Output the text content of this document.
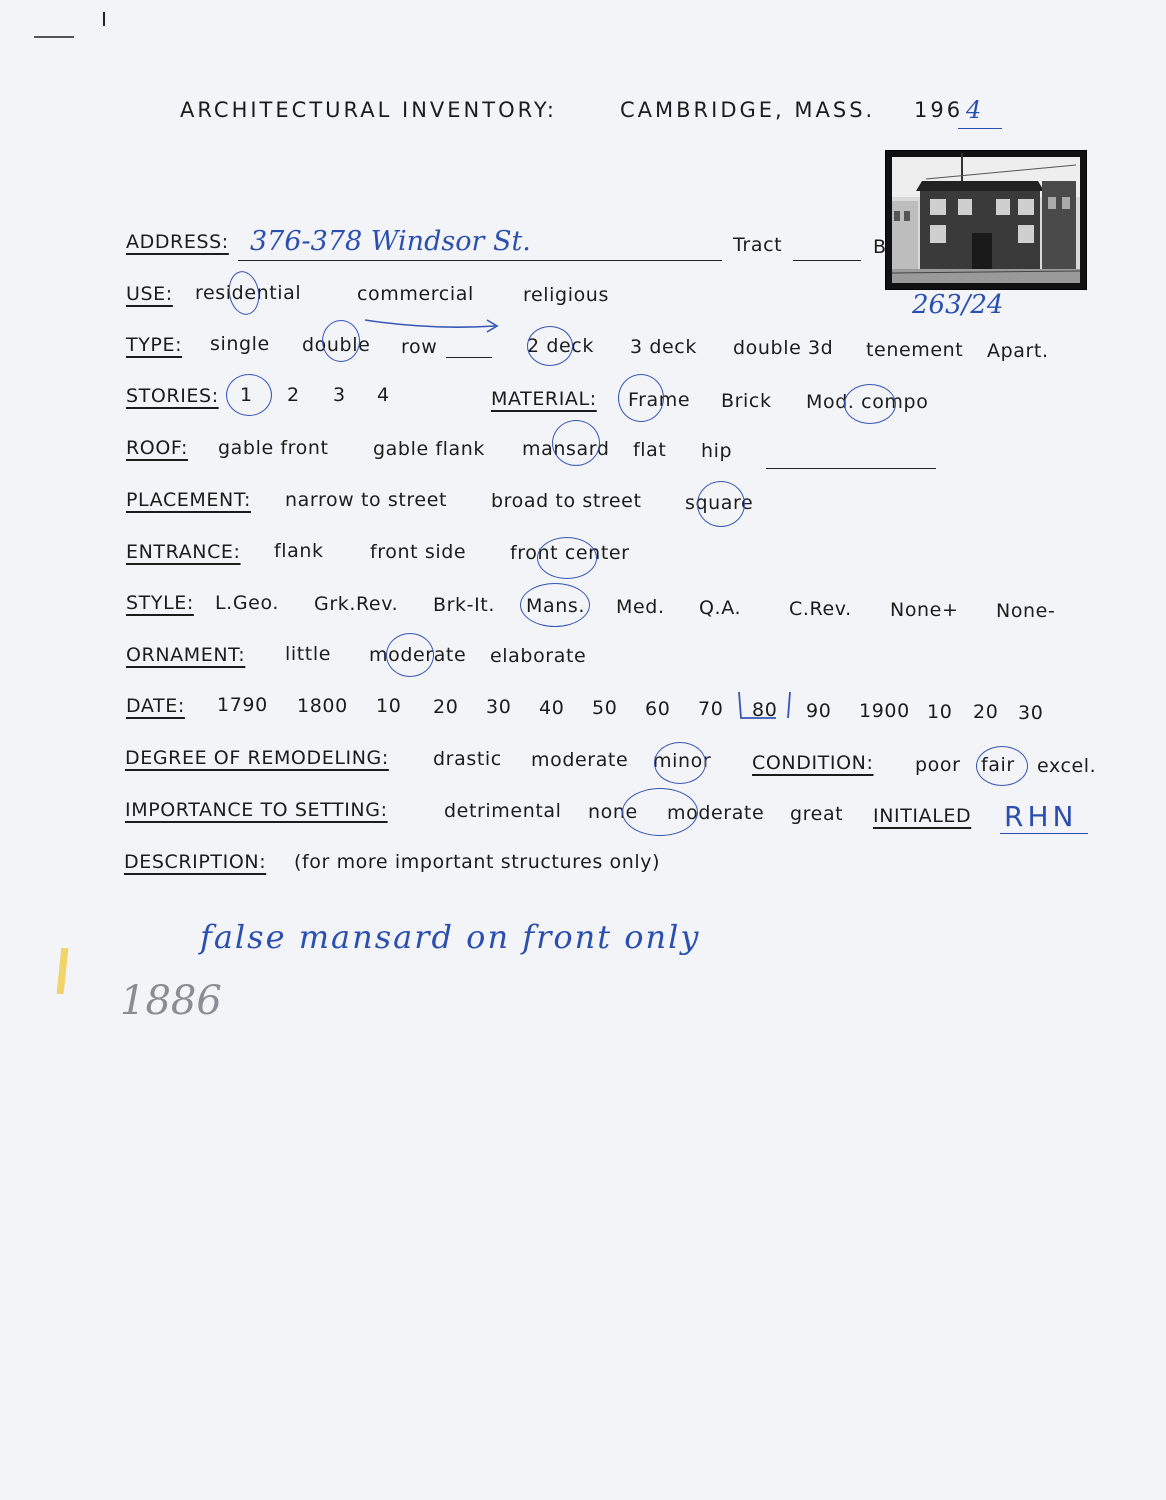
ARCHITECTURAL INVENTORY:	CAMBRIDGE, MASS. 196 4
263/24
ADDRESS: 376-378 Windsor St.	Tract	B
USE: residential	commercial	religious
TYPE: single double row	2 deck 3 deck double 3d tenement Apart.
STORIES: 1 2 3 4	MATERIAL: Frame Brick Mod. compo
ROOF: gable front gable flank mansard flat hip
PLACEMENT: narrow to street broad to street square
ENTRANCE: flank front side front center
STYLE: L.Geo. Grk.Rev. Brk-It. Mans. Med. Q.A.	C.Rev. None+ None-
ORNAMENT: little moderate elaborate
DATE: 1790 1800 10 20 30 40 50 60 70 80 90 1900 10 20 30
DEGREE OF REMODELING: drastic moderate minor CONDITION: poor fair excel.
IMPORTANCE TO SETTING:	detrimental none moderate great INITIALED RHN
DESCRIPTION: (for more important structures only)
false mansard on front only
1886
